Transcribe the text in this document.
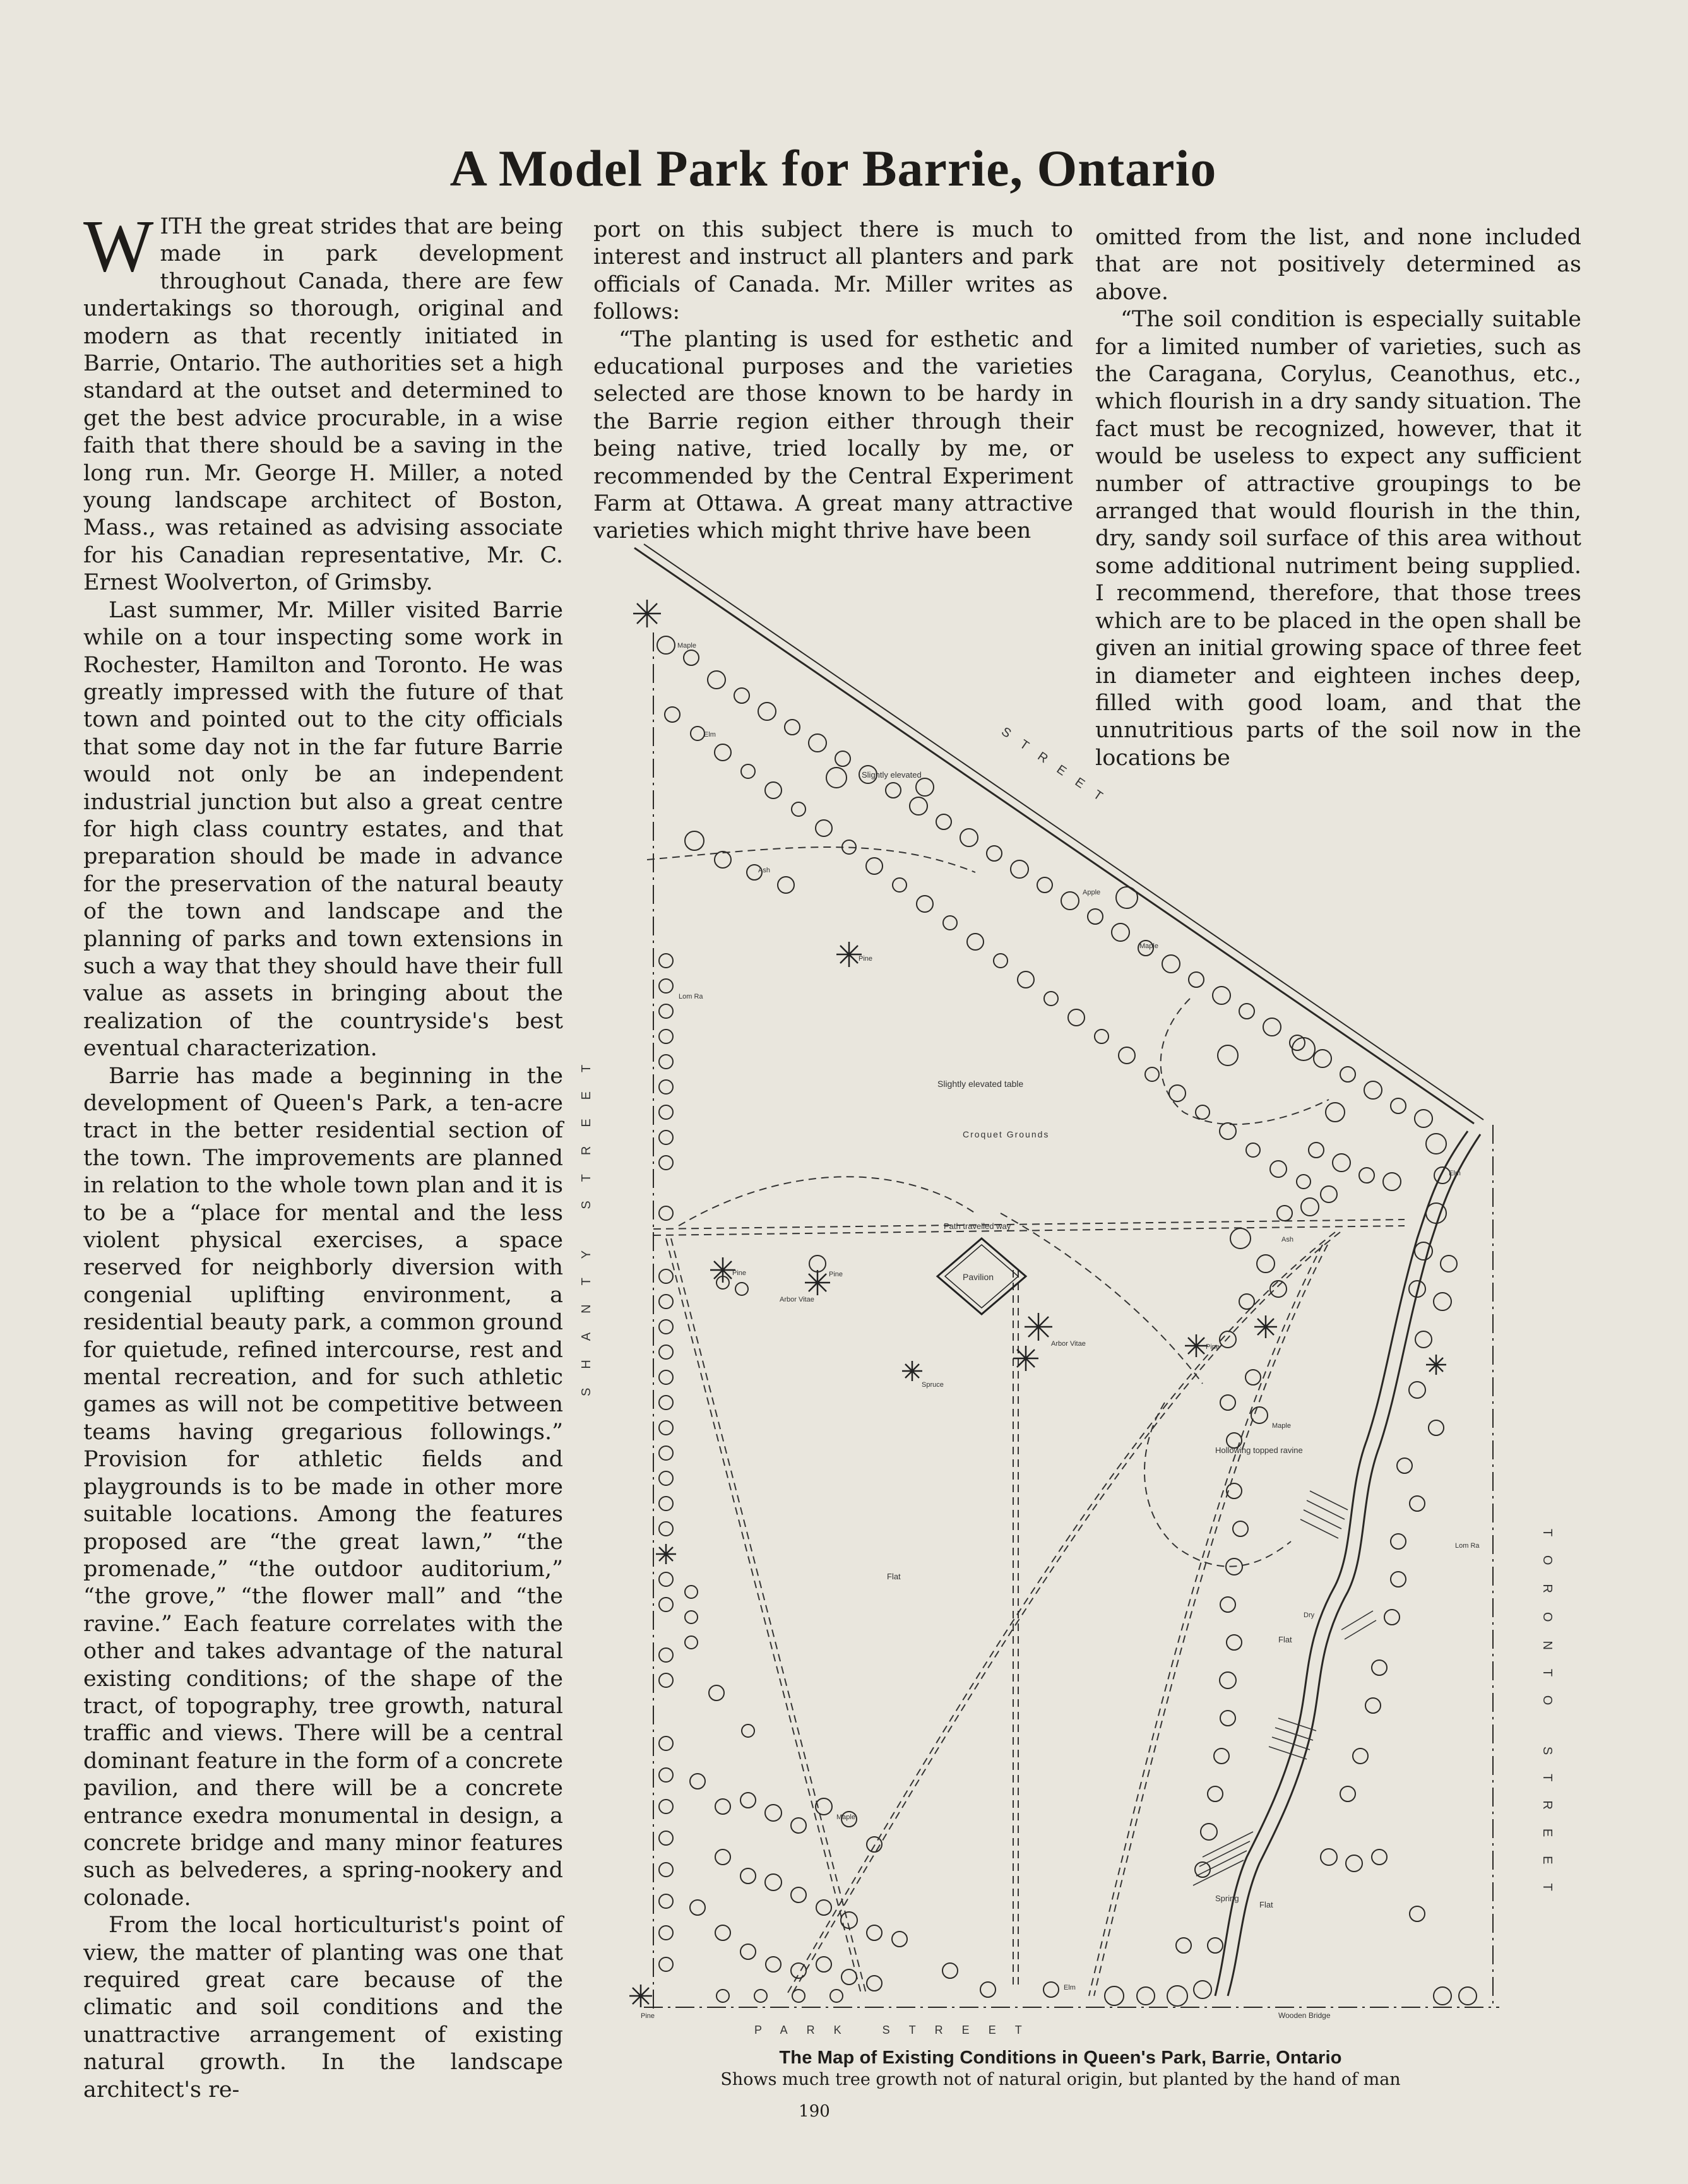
A Model Park for Barrie, Ontario

WITH the great strides that are being made in park development throughout Canada, there are few undertakings so thorough, original and modern as that recently initiated in Barrie, Ontario. The authorities set a high standard at the outset and determined to get the best advice procurable, in a wise faith that there should be a saving in the long run. Mr. George H. Miller, a noted young landscape architect of Boston, Mass., was retained as advising associate for his Canadian representative, Mr. C. Ernest Woolverton, of Grimsby.

Last summer, Mr. Miller visited Barrie while on a tour inspecting some work in Rochester, Hamilton and Toronto. He was greatly impressed with the future of that town and pointed out to the city officials that some day not in the far future Barrie would not only be an independent industrial junction but also a great centre for high class country estates, and that preparation should be made in advance for the preservation of the natural beauty of the town and landscape and the planning of parks and town extensions in such a way that they should have their full value as assets in bringing about the realization of the countryside's best eventual characterization.

Barrie has made a beginning in the development of Queen's Park, a ten-acre tract in the better residential section of the town. The improvements are planned in relation to the whole town plan and it is to be a “place for mental and the less violent physical exercises, a space reserved for neighborly diversion with congenial uplifting environment, a residential beauty park, a common ground for quietude, refined intercourse, rest and mental recreation, and for such athletic games as will not be competitive between teams having gregarious followings.” Provision for athletic fields and playgrounds is to be made in other more suitable locations. Among the features proposed are “the great lawn,” “the promenade,” “the outdoor auditorium,” “the grove,” “the flower mall” and “the ravine.” Each feature correlates with the other and takes advantage of the natural existing conditions; of the shape of the tract, of topography, tree growth, natural traffic and views. There will be a central dominant feature in the form of a concrete pavilion, and there will be a concrete entrance exedra monumental in design, a concrete bridge and many minor features such as belvederes, a spring-nookery and colonade.

From the local horticulturist's point of view, the matter of planting was one that required great care because of the climatic and soil conditions and the unattractive arrangement of existing natural growth. In the landscape architect's re-

port on this subject there is much to interest and instruct all planters and park officials of Canada. Mr. Miller writes as follows:

“The planting is used for esthetic and educational purposes and the varieties selected are those known to be hardy in the Barrie region either through their being native, tried locally by me, or recommended by the Central Experiment Farm at Ottawa. A great many attractive varieties which might thrive have been

omitted from the list, and none included that are not positively determined as above.

“The soil condition is especially suitable for a limited number of varieties, such as the Caragana, Corylus, Ceanothus, etc., which flourish in a dry sandy situation. The fact must be recognized, however, that it would be useless to expect any sufficient number of attractive groupings to be arranged that would flourish in the thin, dry, sandy soil surface of this area without some additional nutriment being supplied. I recommend, therefore, that those trees which are to be placed in the open shall be given an initial growing space of three feet in diameter and eighteen inches deep, filled with good loam, and that the unnutritious parts of the soil now in the locations be

STREET
SHANTY STREET
TORONTO STREET
PARK STREET
Pavilion
Slightly elevated
Slightly elevated table
Croquet Grounds
Path travelled way
Hollowing topped ravine
Flat
Flat
Flat
Spring
Wooden Bridge
Maple
Elm
Ash
Apple
Maple
Lom Ra
Pine
Pine	Pine
Arbor Vitae
Arbor Vitae
Spruce
Pine
Ash
Maple
Elm
Dry
Lom Ra
Maple
Elm
Pine
The Map of Existing Conditions in Queen's Park, Barrie, Ontario
Shows much tree growth not of natural origin, but planted by the hand of man
190
